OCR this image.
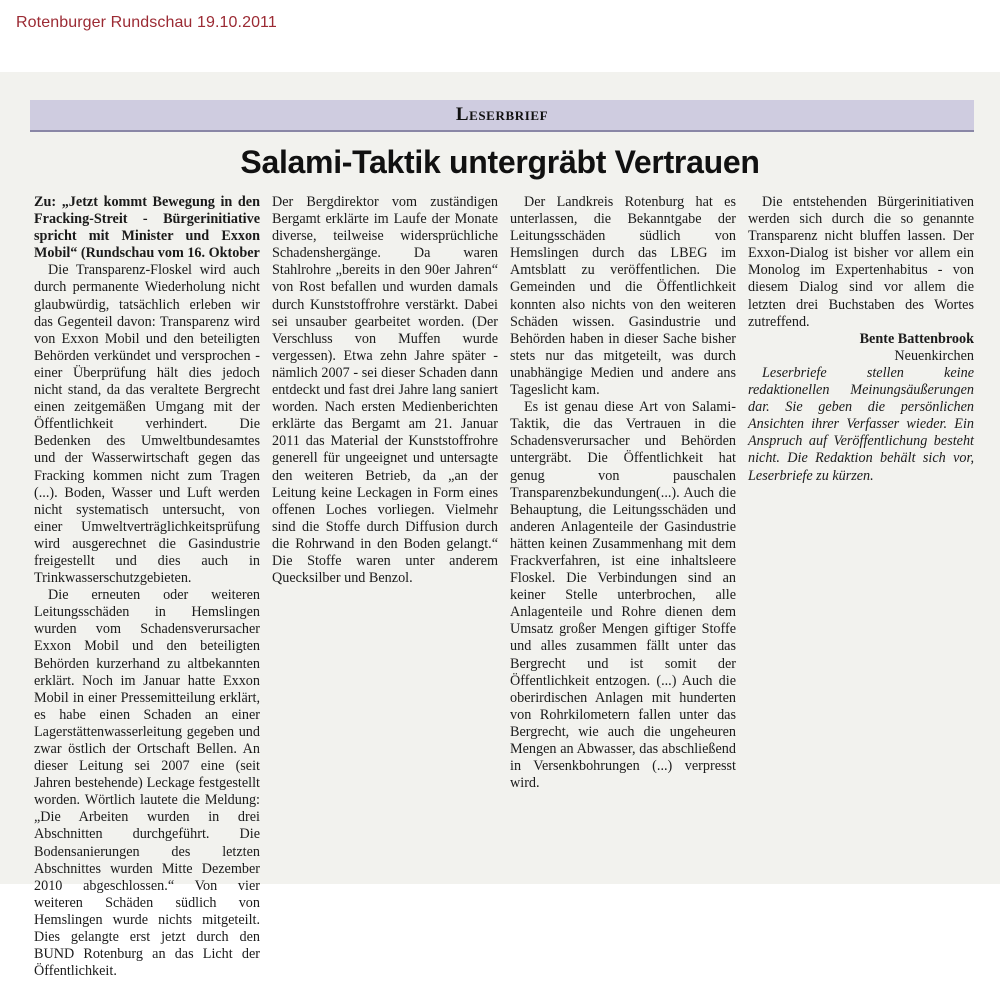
Rotenburger Rundschau 19.10.2011
Leserbrief
Salami-Taktik untergräbt Vertrauen

Zu: „Jetzt kommt Bewegung in den Fracking-Streit - Bürgerinitiative spricht mit Minister und Exxon Mobil“ (Rundschau vom 16. Oktober

Die Transparenz-Floskel wird auch durch permanente Wiederholung nicht glaubwürdig, tatsächlich erleben wir das Gegenteil davon: Transparenz wird von Exxon Mobil und den beteiligten Behörden verkündet und versprochen - einer Überprüfung hält dies jedoch nicht stand, da das veraltete Bergrecht einen zeitgemäßen Umgang mit der Öffentlichkeit verhindert. Die Bedenken des Umweltbundesamtes und der Wasserwirtschaft gegen das Fracking kommen nicht zum Tragen (...). Boden, Wasser und Luft werden nicht systematisch untersucht, von einer Umweltverträglichkeitsprüfung wird ausgerechnet die Gasindustrie freigestellt und dies auch in Trinkwasserschutzgebieten.

Die erneuten oder weiteren Leitungsschäden in Hemslingen wurden vom Schadensverursacher Exxon Mobil und den beteiligten Behörden kurzerhand zu altbekannten erklärt. Noch im Januar hatte Exxon Mobil in einer Pressemitteilung erklärt, es habe einen Schaden an einer Lagerstättenwasserleitung gegeben und zwar östlich der Ortschaft Bellen. An dieser Leitung sei 2007 eine (seit Jahren bestehende) Leckage festgestellt worden. Wörtlich lautete die Meldung: „Die Arbeiten wurden in drei Abschnitten durchgeführt. Die Bodensanierungen des letzten Abschnittes wurden Mitte Dezember 2010 abgeschlossen.“ Von vier weiteren Schäden südlich von Hemslingen wurde nichts mitgeteilt. Dies gelangte erst jetzt durch den BUND Rotenburg an das Licht der Öffentlichkeit.

Der Bergdirektor vom zuständigen Bergamt erklärte im Laufe der Monate diverse, teilweise widersprüchliche Schadenshergänge. Da waren Stahlrohre „bereits in den 90er Jahren“ von Rost befallen und wurden damals durch Kunststoffrohre verstärkt. Dabei sei unsauber gearbeitet worden. (Der Verschluss von Muffen wurde vergessen). Etwa zehn Jahre später - nämlich 2007 - sei dieser Schaden dann entdeckt und fast drei Jahre lang saniert worden. Nach ersten Medienberichten erklärte das Bergamt am 21. Januar 2011 das Material der Kunststoffrohre generell für ungeeignet und untersagte den weiteren Betrieb, da „an der Leitung keine Leckagen in Form eines offenen Loches vorliegen. Vielmehr sind die Stoffe durch Diffusion durch die Rohrwand in den Boden gelangt.“ Die Stoffe waren unter anderem Quecksilber und Benzol.

Der Landkreis Rotenburg hat es unterlassen, die Bekanntgabe der Leitungsschäden südlich von Hemslingen durch das LBEG im Amtsblatt zu veröffentlichen. Die Gemeinden und die Öffentlichkeit konnten also nichts von den weiteren Schäden wissen. Gasindustrie und Behörden haben in dieser Sache bisher stets nur das mitgeteilt, was durch unabhängige Medien und andere ans Tageslicht kam.

Es ist genau diese Art von Salami-Taktik, die das Vertrauen in die Schadensverursacher und Behörden untergräbt. Die Öffentlichkeit hat genug von pauschalen Transparenzbekundungen(...). Auch die Behauptung, die Leitungsschäden und anderen Anlagenteile der Gasindustrie hätten keinen Zusammenhang mit dem Frackverfahren, ist eine inhaltsleere Floskel. Die Verbindungen sind an keiner Stelle unterbrochen, alle Anlagenteile und Rohre dienen dem Umsatz großer Mengen giftiger Stoffe und alles zusammen fällt unter das Bergrecht und ist somit der Öffentlichkeit entzogen. (...) Auch die oberirdischen Anlagen mit hunderten von Rohrkilometern fallen unter das Bergrecht, wie auch die ungeheuren Mengen an Abwasser, das abschließend in Versenkbohrungen (...) verpresst wird.

Die entstehenden Bürgerinitiativen werden sich durch die so genannte Transparenz nicht bluffen lassen. Der Exxon-Dialog ist bisher vor allem ein Monolog im Expertenhabitus - von diesem Dialog sind vor allem die letzten drei Buchstaben des Wortes zutreffend.

Bente Battenbrook

Neuenkirchen

Leserbriefe stellen keine redaktionellen Meinungsäußerungen dar. Sie geben die persönlichen Ansichten ihrer Verfasser wieder. Ein Anspruch auf Veröffentlichung besteht nicht. Die Redaktion behält sich vor, Leserbriefe zu kürzen.
